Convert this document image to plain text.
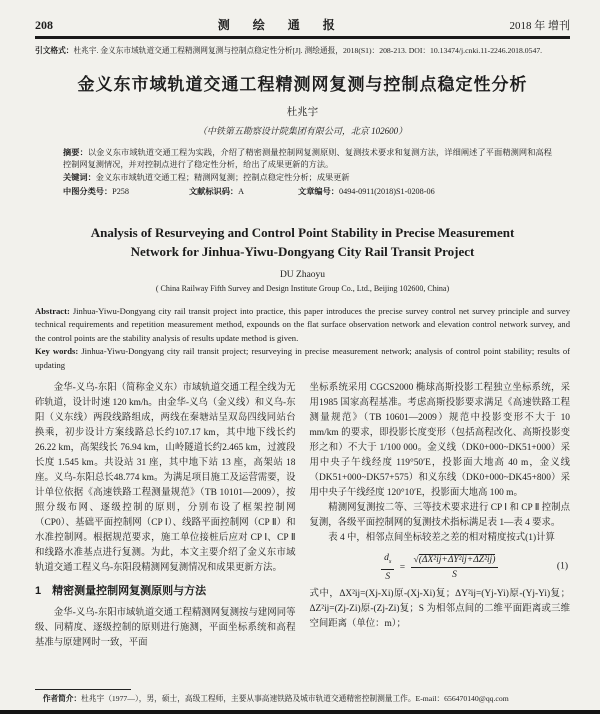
208	测 绘 通 报	2018 年 增刊
引文格式：杜兆宇. 金义东市域轨道交通工程精测网复测与控制点稳定性分析[J]. 测绘通报，2018(S1)：208-213. DOI：10.13474/j.cnki.11-2246.2018.0547.
金义东市域轨道交通工程精测网复测与控制点稳定性分析
杜兆宇
（中铁第五勘察设计院集团有限公司，北京 102600）
摘要：以金义东市域轨道交通工程为实践，介绍了精密测量控制网复测原则、复测技术要求和复测方法，详细阐述了平面精测网和高程控制网复测情况，并对控制点进行了稳定性分析，给出了成果更新的方法。
关键词：金义东市域轨道交通工程；精测网复测；控制点稳定性分析；成果更新
中图分类号：P258	文献标识码：A	文章编号：0494-0911(2018)S1-0208-06
Analysis of Resurveying and Control Point Stability in Precise Measurement
Network for Jinhua-Yiwu-Dongyang City Rail Transit Project
DU Zhaoyu
( China Railway Fifth Survey and Design Institute Group Co., Ltd., Beijing 102600, China)
Abstract: Jinhua-Yiwu-Dongyang city rail transit project into practice, this paper introduces the precise survey control net survey principle and survey technical requirements and repetition measurement method, expounds on the flat surface observation network and elevation control network survey, and the control points are the stability analysis of results update method is given.
Key words: Jinhua-Yiwu-Dongyang city rail transit project; resurveying in precise measurement network; analysis of control point stability; results of updating

金华-义乌-东阳（简称金义东）市域轨道交通工程全线为无砟轨道，设计时速 120 km/h。由金华-义乌（金义线）和义乌-东阳（义东线）两段线路组成，两线在秦塘站呈双岛四线同站台换乘，初步设计方案线路总长约107.17 km，其中地下线长约26.22 km，高架线长 76.94 km，山岭隧道长约2.465 km，过渡段长度 1.545 km。共设站 31 座，其中地下站 13 座，高架站 18 座。义乌-东阳总长48.774 km。为满足项目施工及运营需要，设计单位依据《高速铁路工程测量规范》（TB 10101—2009），按照分级布网、逐级控制的原则，分别布设了框架控制网（CP0）、基础平面控制网（CP Ⅰ）、线路平面控制网（CP Ⅱ）和水准控制网。根据规范要求，施工单位接桩后应对 CP Ⅰ、CP Ⅱ 和线路水准基点进行复测。为此，本文主要介绍了金义东市域轨道交通工程义乌-东阳段精测网复测情况和成果更新方法。

1　精密测量控制网复测原则与方法

金华-义乌-东阳市域轨道交通工程精测网复测按与建网同等级、同精度、逐级控制的原则进行施测，平面坐标系统和高程基准与原建网时一致，平面

坐标系统采用 CGCS2000 椭球高斯投影工程独立坐标系统，采用1985 国家高程基准。考虑高斯投影要求满足《高速铁路工程测量规范》（TB 10601—2009）规范中投影变形不大于 10 mm/km 的要求，即投影长度变形（包括高程改化、高斯投影变形之和）不大于 1/100 000。金义线（DK0+000~DK51+000）采用中央子午线经度 119°50′E，投影面大地高 40 m，金义线（DK51+000~DK57+575）和义东线（DK0+000~DK45+800）采用中央子午线经度 120°10′E，投影面大地高 100 m。

精测网复测按二等、三等技术要求进行 CP Ⅰ 和 CP Ⅱ 控制点复测，各级平面控制网的复测技术指标满足表 1—表 4 要求。

表 4 中，相邻点间坐标较差之差的相对精度按式(1)计算

$\frac{d_s}{S} = \frac{\text{√(ΔX²ij+ΔY²ij+ΔZ²ij)}}{S}$	(1)

式中，ΔX²ij=(Xj-Xi)原-(Xj-Xi)复；ΔY²ij=(Yj-Yi)原-(Yj-Yi)复；ΔZ²ij=(Zj-Zi)原-(Zj-Zi)复；S 为相邻点间的二维平面距离或三维空间距离（单位：m）；

作者简介：杜兆宇（1977—），男，硕士，高级工程师，主要从事高速铁路及城市轨道交通精密控制测量工作。E-mail：656470140@qq.com
